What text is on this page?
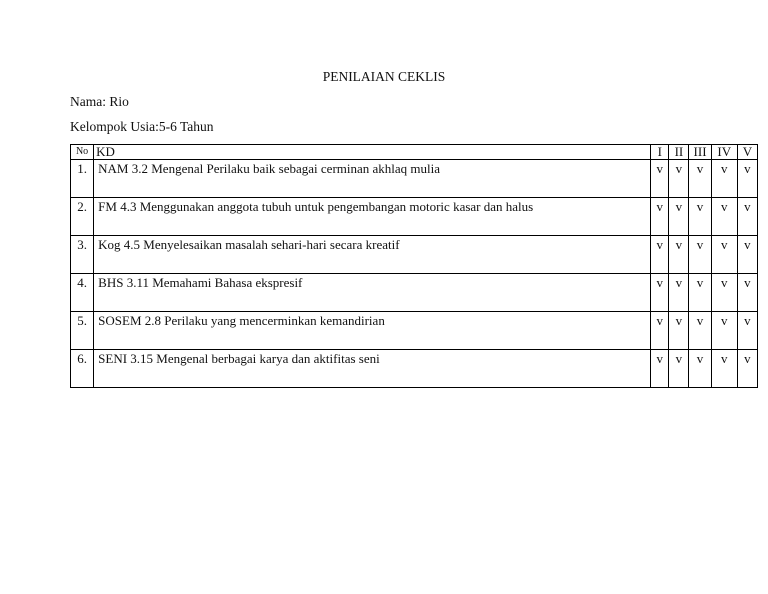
PENILAIAN CEKLIS
Nama: Rio
Kelompok Usia:5-6 Tahun
No	KD	I	II	III	IV	V
1.	NAM 3.2 Mengenal Perilaku baik sebagai cerminan akhlaq mulia	v	v	v	v	v
2.	FM 4.3 Menggunakan anggota tubuh untuk pengembangan motoric kasar dan halus	v	v	v	v	v
3.	Kog 4.5 Menyelesaikan masalah sehari-hari secara kreatif	v	v	v	v	v
4.	BHS 3.11 Memahami Bahasa ekspresif	v	v	v	v	v
5.	SOSEM 2.8 Perilaku yang mencerminkan kemandirian	v	v	v	v	v
6.	SENI 3.15 Mengenal berbagai karya dan aktifitas seni	v	v	v	v	v
